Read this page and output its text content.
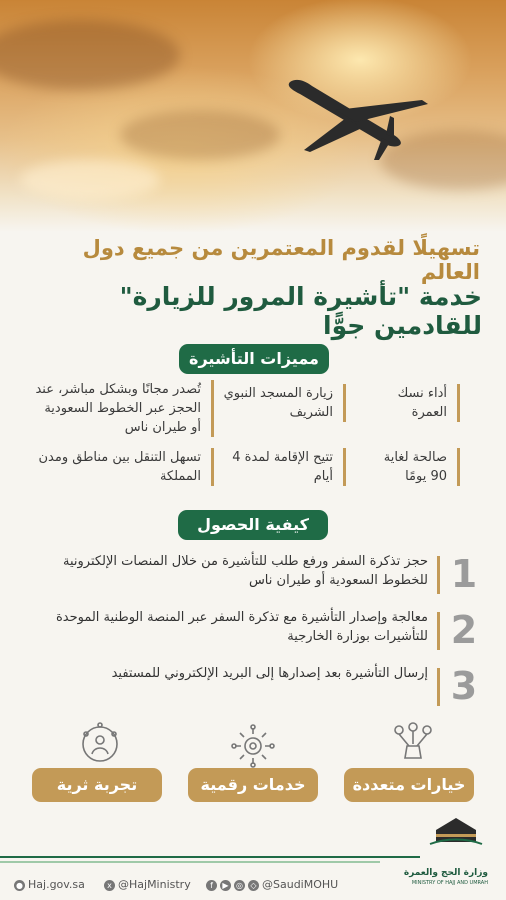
تسهيلًا لقدوم المعتمرين من جميع دول العالم
خدمة "تأشيرة المرور للزيارة" للقادمين جوًّا
مميزات التأشيرة
أداء نسك العمرة
زيارة المسجد النبوي الشريف
تُصدر مجانًا وبشكل مباشر، عند الحجز عبر الخطوط السعودية أو طيران ناس
صالحة لغاية 90 يومًا
تتيح الإقامة لمدة 4 أيام
تسهل التنقل بين مناطق ومدن المملكة
كيفية الحصول
1
حجز تذكرة السفر ورفع طلب للتأشيرة من خلال المنصات الإلكترونية للخطوط السعودية أو طيران ناس
2
معالجة وإصدار التأشيرة مع تذكرة السفر عبر المنصة الوطنية الموحدة للتأشيرات بوزارة الخارجية
3
إرسال التأشيرة بعد إصدارها إلى البريد الإلكتروني للمستفيد
خيارات متعددة
خدمات رقمية
تجربة ثرية
وزارة الحج والعمرة
MINISTRY OF HAJJ AND UMRAH
● Haj.gov.sa	x @HajMinistry	f ▶ ◎ ◇ @SaudiMOHU
